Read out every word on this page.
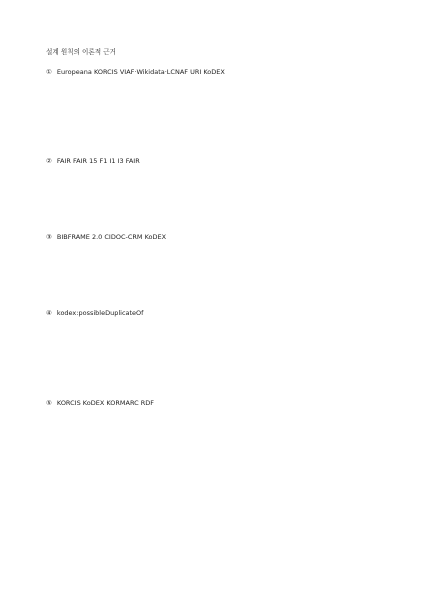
설계 원칙의 이론적 근거
① Europeana KORCIS VIAF·Wikidata·LCNAF URI KoDEX
② FAIR FAIR 15 F1 I1 I3 FAIR
③ BIBFRAME 2.0 CIDOC-CRM KoDEX
④ kodex:possibleDuplicateOf
⑤ KORCIS KoDEX KORMARC RDF
